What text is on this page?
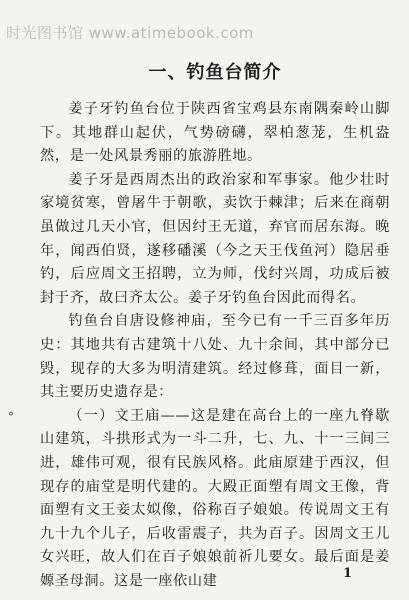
时光图书馆 www.atimebook.com
一、钓鱼台简介

姜子牙钓鱼台位于陕西省宝鸡县东南隅秦岭山脚下。其地群山起伏，气势磅礴，翠柏葱茏，生机盎然，是一处风景秀丽的旅游胜地。

姜子牙是西周杰出的政治家和军事家。他少壮时家境贫寒，曾屠牛于朝歌，卖饮于棘津；后来在商朝虽做过几天小官，但因纣王无道，弃官而居东海。晚年，闻西伯贤，遂移磻溪（今之天王伐鱼河）隐居垂钓，后应周文王招聘，立为师，伐纣兴周，功成后被封于齐，故曰齐太公。姜子牙钓鱼台因此而得名。

钓鱼台自唐设修神庙，至今已有一千三百多年历史：其地共有古建筑十八处、九十余间，其中部分已毁，现存的大多为明清建筑。经过修葺，面目一新，其主要历史遗存是：

（一）文王庙——这是建在高台上的一座九脊歇山建筑，斗拱形式为一斗二升，七、九、十一三间三进，雄伟可观，很有民族风格。此庙原建于西汉，但现存的庙堂是明代建的。大殿正面塑有周文王像，背面塑有文王妾太姒像，俗称百子娘娘。传说周文王有九十九个儿子，后收雷震子，共为百子。因周文王儿女兴旺，故人们在百子娘娘前祈儿要女。最后面是姜嫄圣母洞。这是一座依山建

°
1
